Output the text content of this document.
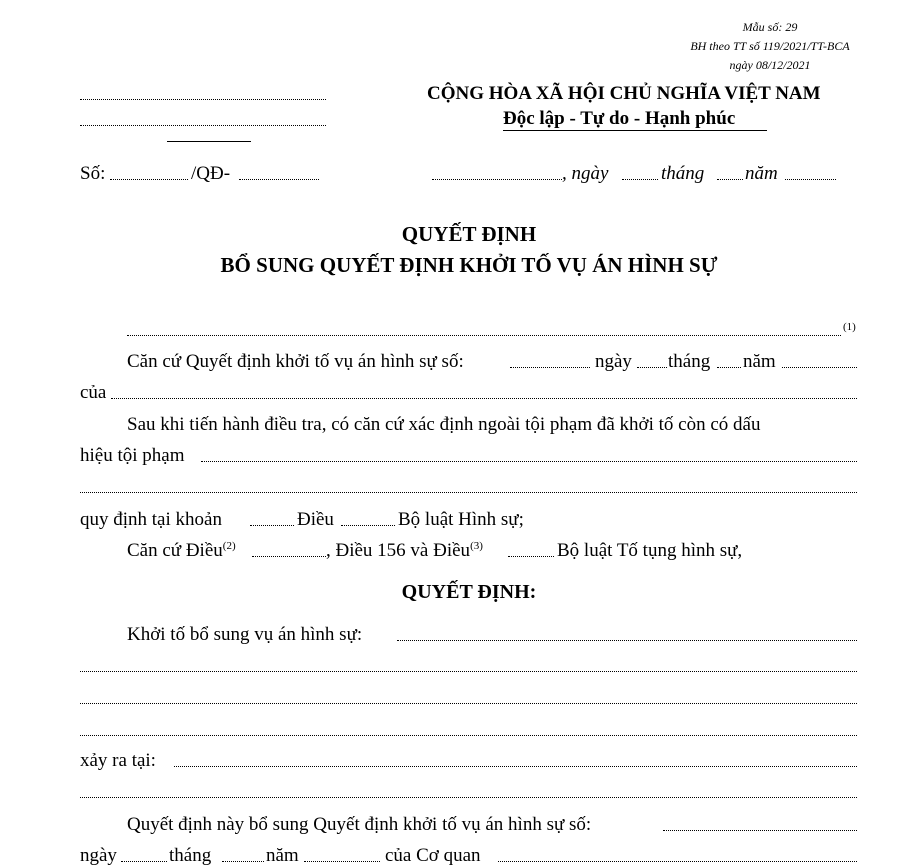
Mẫu số: 29
BH theo TT số 119/2021/TT-BCA
ngày 08/12/2021
CỘNG HÒA XÃ HỘI CHỦ NGHĨA VIỆT NAM
Độc lập - Tự do - Hạnh phúc
Số:	/QĐ-	, ngày	tháng năm
QUYẾT ĐỊNH
BỔ SUNG QUYẾT ĐỊNH KHỞI TỐ VỤ ÁN HÌNH SỰ
(1)
Căn cứ Quyết định khởi tố vụ án hình sự số:	ngày tháng năm
của
Sau khi tiến hành điều tra, có căn cứ xác định ngoài tội phạm đã khởi tố còn có dấu
hiệu tội phạm
quy định tại khoản	Điều	Bộ luật Hình sự;
Căn cứ Điều$^{(2)}$	, Điều 156 và Điều$^{(3)}$	Bộ luật Tố tụng hình sự,
QUYẾT ĐỊNH:
Khởi tố bổ sung vụ án hình sự:
xảy ra tại:
Quyết định này bổ sung Quyết định khởi tố vụ án hình sự số:
ngày	tháng	năm	của Cơ quan
